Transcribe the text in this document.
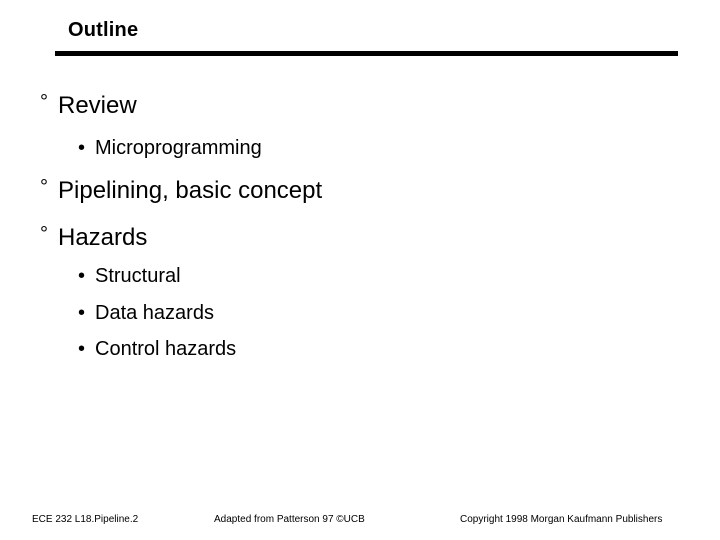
Outline
° Review
• Microprogramming
° Pipelining, basic concept
° Hazards
• Structural
• Data hazards
• Control hazards
ECE 232 L18.Pipeline.2	Adapted from Patterson 97 ©UCB	Copyright 1998 Morgan Kaufmann Publishers
